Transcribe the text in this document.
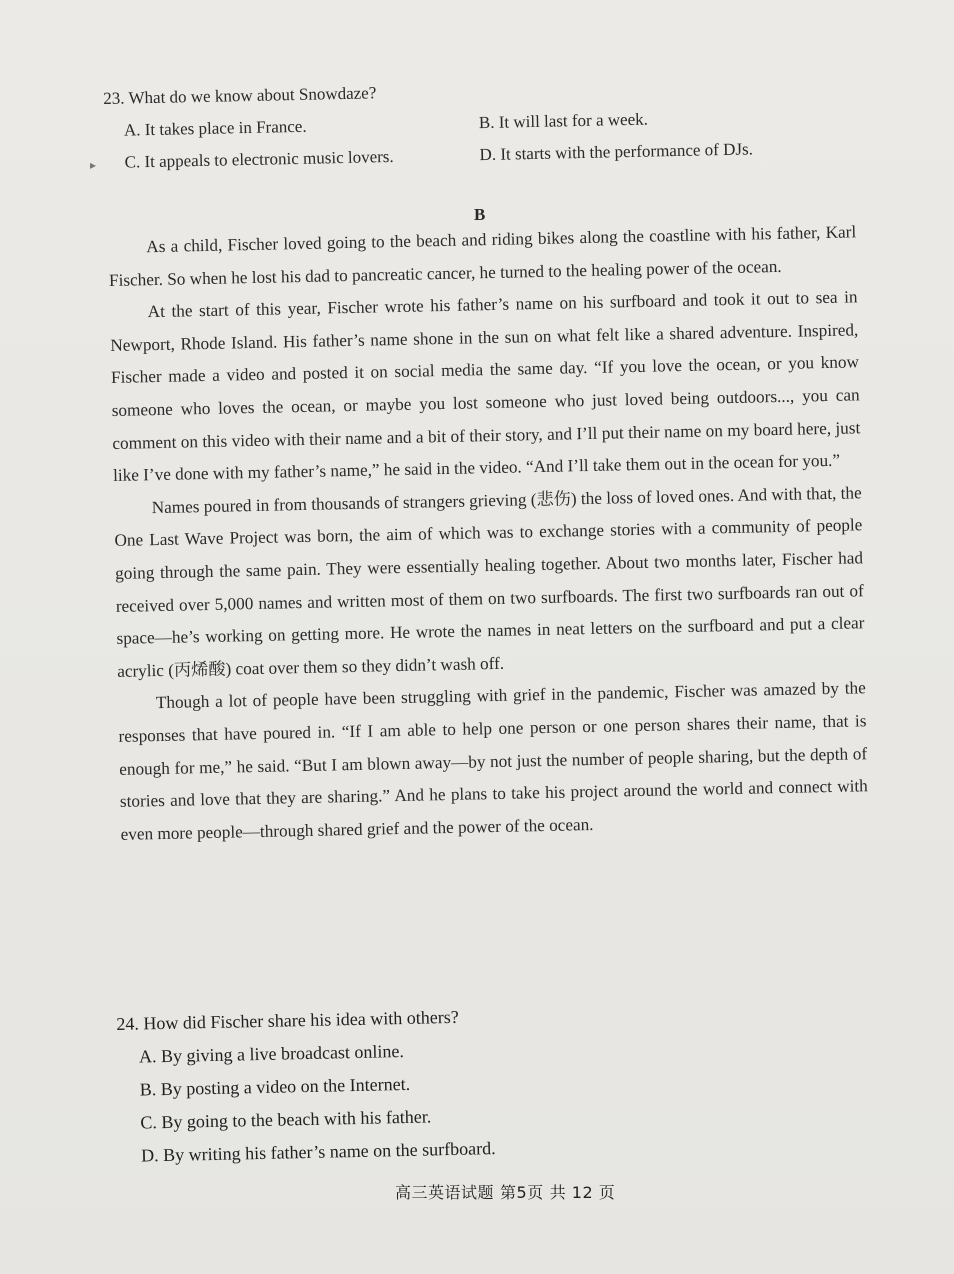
▸
23. What do we know about Snowdaze?
A. It takes place in France.	B. It will last for a week.
C. It appeals to electronic music lovers.	D. It starts with the performance of DJs.
B

As a child, Fischer loved going to the beach and riding bikes along the coastline with his father, Karl Fischer. So when he lost his dad to pancreatic cancer, he turned to the healing power of the ocean.

At the start of this year, Fischer wrote his father’s name on his surfboard and took it out to sea in Newport, Rhode Island. His father’s name shone in the sun on what felt like a shared adventure. Inspired, Fischer made a video and posted it on social media the same day. “If you love the ocean, or you know someone who loves the ocean, or maybe you lost someone who just loved being outdoors..., you can comment on this video with their name and a bit of their story, and I’ll put their name on my board here, just like I’ve done with my father’s name,” he said in the video. “And I’ll take them out in the ocean for you.”

Names poured in from thousands of strangers grieving (悲伤) the loss of loved ones. And with that, the One Last Wave Project was born, the aim of which was to exchange stories with a community of people going through the same pain. They were essentially healing together. About two months later, Fischer had received over 5,000 names and written most of them on two surfboards. The first two surfboards ran out of space—he’s working on getting more. He wrote the names in neat letters on the surfboard and put a clear acrylic (丙烯酸) coat over them so they didn’t wash off.

Though a lot of people have been struggling with grief in the pandemic, Fischer was amazed by the responses that have poured in. “If I am able to help one person or one person shares their name, that is enough for me,” he said. “But I am blown away—by not just the number of people sharing, but the depth of stories and love that they are sharing.” And he plans to take his project around the world and connect with even more people—through shared grief and the power of the ocean.

24. How did Fischer share his idea with others?
A. By giving a live broadcast online.
B. By posting a video on the Internet.
C. By going to the beach with his father.
D. By writing his father’s name on the surfboard.
高三英语试题 第5页 共 12 页
